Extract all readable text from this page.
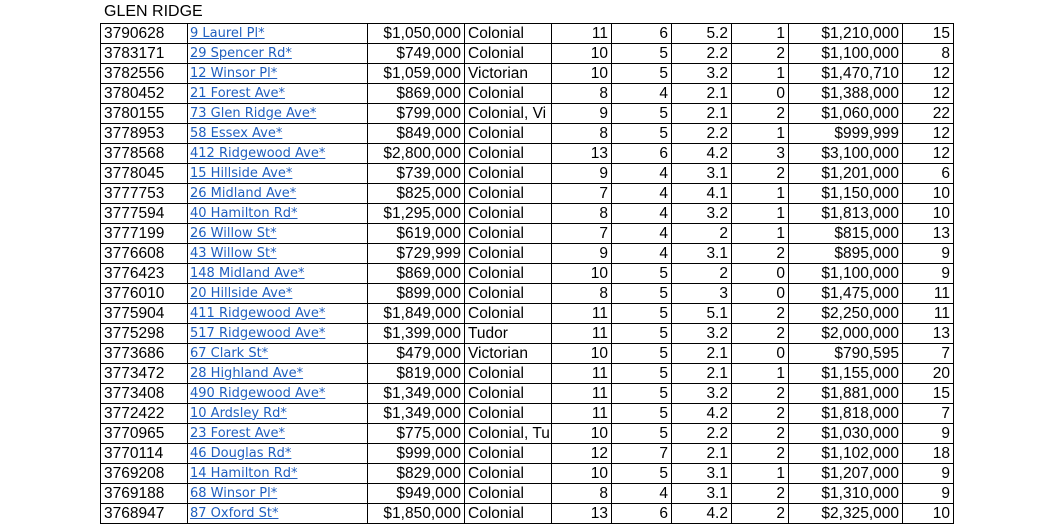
GLEN RIDGE
3790628	9 Laurel Pl*	$1,050,000	Colonial	11	6	5.2	1	$1,210,000	15
3783171	29 Spencer Rd*	$749,000	Colonial	10	5	2.2	2	$1,100,000	8
3782556	12 Winsor Pl*	$1,059,000	Victorian	10	5	3.2	1	$1,470,710	12
3780452	21 Forest Ave*	$869,000	Colonial	8	4	2.1	0	$1,388,000	12
3780155	73 Glen Ridge Ave*	$799,000	Colonial, Vi	9	5	2.1	2	$1,060,000	22
3778953	58 Essex Ave*	$849,000	Colonial	8	5	2.2	1	$999,999	12
3778568	412 Ridgewood Ave*	$2,800,000	Colonial	13	6	4.2	3	$3,100,000	12
3778045	15 Hillside Ave*	$739,000	Colonial	9	4	3.1	2	$1,201,000	6
3777753	26 Midland Ave*	$825,000	Colonial	7	4	4.1	1	$1,150,000	10
3777594	40 Hamilton Rd*	$1,295,000	Colonial	8	4	3.2	1	$1,813,000	10
3777199	26 Willow St*	$619,000	Colonial	7	4	2	1	$815,000	13
3776608	43 Willow St*	$729,999	Colonial	9	4	3.1	2	$895,000	9
3776423	148 Midland Ave*	$869,000	Colonial	10	5	2	0	$1,100,000	9
3776010	20 Hillside Ave*	$899,000	Colonial	8	5	3	0	$1,475,000	11
3775904	411 Ridgewood Ave*	$1,849,000	Colonial	11	5	5.1	2	$2,250,000	11
3775298	517 Ridgewood Ave*	$1,399,000	Tudor	11	5	3.2	2	$2,000,000	13
3773686	67 Clark St*	$479,000	Victorian	10	5	2.1	0	$790,595	7
3773472	28 Highland Ave*	$819,000	Colonial	11	5	2.1	1	$1,155,000	20
3773408	490 Ridgewood Ave*	$1,349,000	Colonial	11	5	3.2	2	$1,881,000	15
3772422	10 Ardsley Rd*	$1,349,000	Colonial	11	5	4.2	2	$1,818,000	7
3770965	23 Forest Ave*	$775,000	Colonial, Tu	10	5	2.2	2	$1,030,000	9
3770114	46 Douglas Rd*	$999,000	Colonial	12	7	2.1	2	$1,102,000	18
3769208	14 Hamilton Rd*	$829,000	Colonial	10	5	3.1	1	$1,207,000	9
3769188	68 Winsor Pl*	$949,000	Colonial	8	4	3.1	2	$1,310,000	9
3768947	87 Oxford St*	$1,850,000	Colonial	13	6	4.2	2	$2,325,000	10
